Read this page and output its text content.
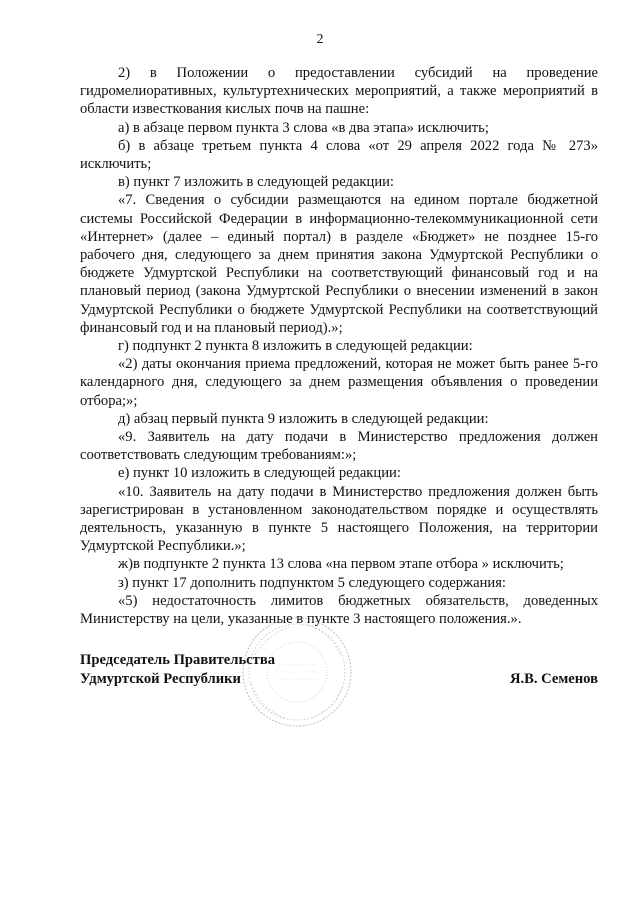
2

2) в Положении о предоставлении субсидий на проведение гидромелиоративных, культуртехнических мероприятий, а также мероприятий в области известкования кислых почв на пашне:

а) в абзаце первом пункта 3 слова «в два этапа» исключить;

б) в абзаце третьем пункта 4 слова «от 29 апреля 2022 года № 273» исключить;

в) пункт 7 изложить в следующей редакции:

«7. Сведения о субсидии размещаются на едином портале бюджетной системы Российской Федерации в информационно-телекоммуникационной сети «Интернет» (далее – единый портал) в разделе «Бюджет» не позднее 15-го рабочего дня, следующего за днем принятия закона Удмуртской Республики о бюджете Удмуртской Республики на соответствующий финансовый год и на плановый период (закона Удмуртской Республики о внесении изменений в закон Удмуртской Республики о бюджете Удмуртской Республики на соответствующий финансовый год и на плановый период).»;

г) подпункт 2 пункта 8 изложить в следующей редакции:

«2) даты окончания приема предложений, которая не может быть ранее 5-го календарного дня, следующего за днем размещения объявления о проведении отбора;»;

д) абзац первый пункта 9 изложить в следующей редакции:

«9. Заявитель на дату подачи в Министерство предложения должен соответствовать следующим требованиям:»;

е) пункт 10 изложить в следующей редакции:

«10. Заявитель на дату подачи в Министерство предложения должен быть зарегистрирован в установленном законодательством порядке и осуществлять деятельность, указанную в пункте 5 настоящего Положения, на территории Удмуртской Республики.»;

ж)в подпункте 2 пункта 13 слова «на первом этапе отбора » исключить;

з) пункт 17 дополнить подпунктом 5 следующего содержания:

«5) недостаточность лимитов бюджетных обязательств, доведенных Министерству на цели, указанные в пункте 3 настоящего положения.».

Председатель Правительства
Удмуртской Республики	Я.В. Семенов
